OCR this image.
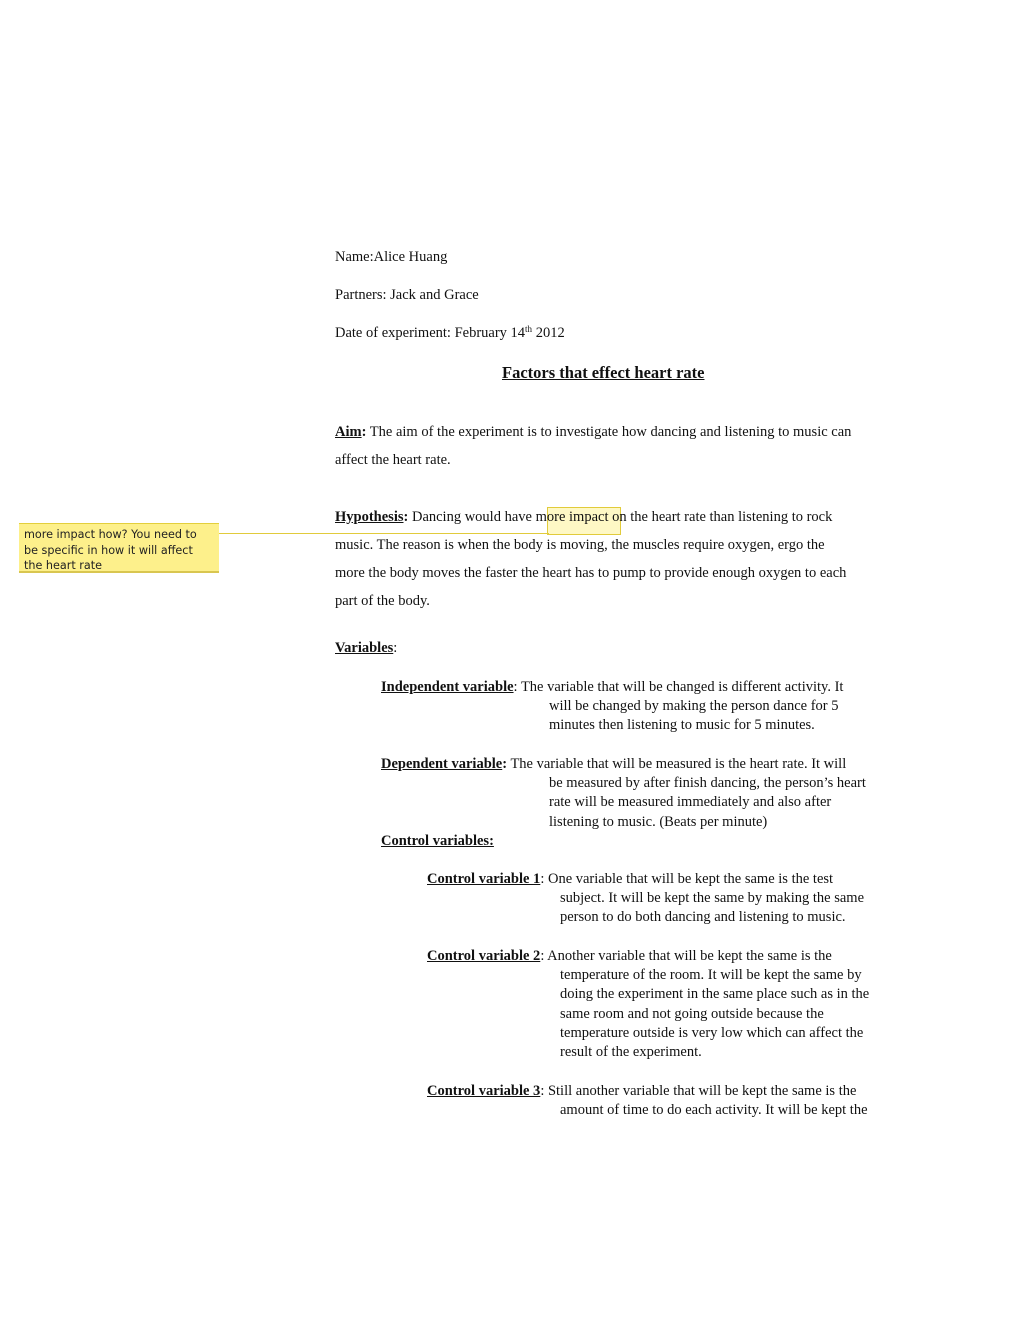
Name:Alice Huang
Partners: Jack and Grace
Date of experiment: February 14th 2012
Factors that effect heart rate
Aim: The aim of the experiment is to investigate how dancing and listening to music can
affect the heart rate.
more impact how? You need to be specific in how it will affect the heart rate
Hypothesis: Dancing would have more impact on the heart rate than listening to rock
music. The reason is when the body is moving, the muscles require oxygen, ergo the
more the body moves the faster the heart has to pump to provide enough oxygen to each
part of the body.
Variables:
Independent variable: The variable that will be changed is different activity. It
will be changed by making the person dance for 5
minutes then listening to music for 5 minutes.
Dependent variable: The variable that will be measured is the heart rate. It will
be measured by after finish dancing, the person’s heart
rate will be measured immediately and also after
listening to music. (Beats per minute)
Control variables:
Control variable 1: One variable that will be kept the same is the test
subject. It will be kept the same by making the same
person to do both dancing and listening to music.
Control variable 2: Another variable that will be kept the same is the
temperature of the room. It will be kept the same by
doing the experiment in the same place such as in the
same room and not going outside because the
temperature outside is very low which can affect the
result of the experiment.
Control variable 3: Still another variable that will be kept the same is the
amount of time to do each activity. It will be kept the
